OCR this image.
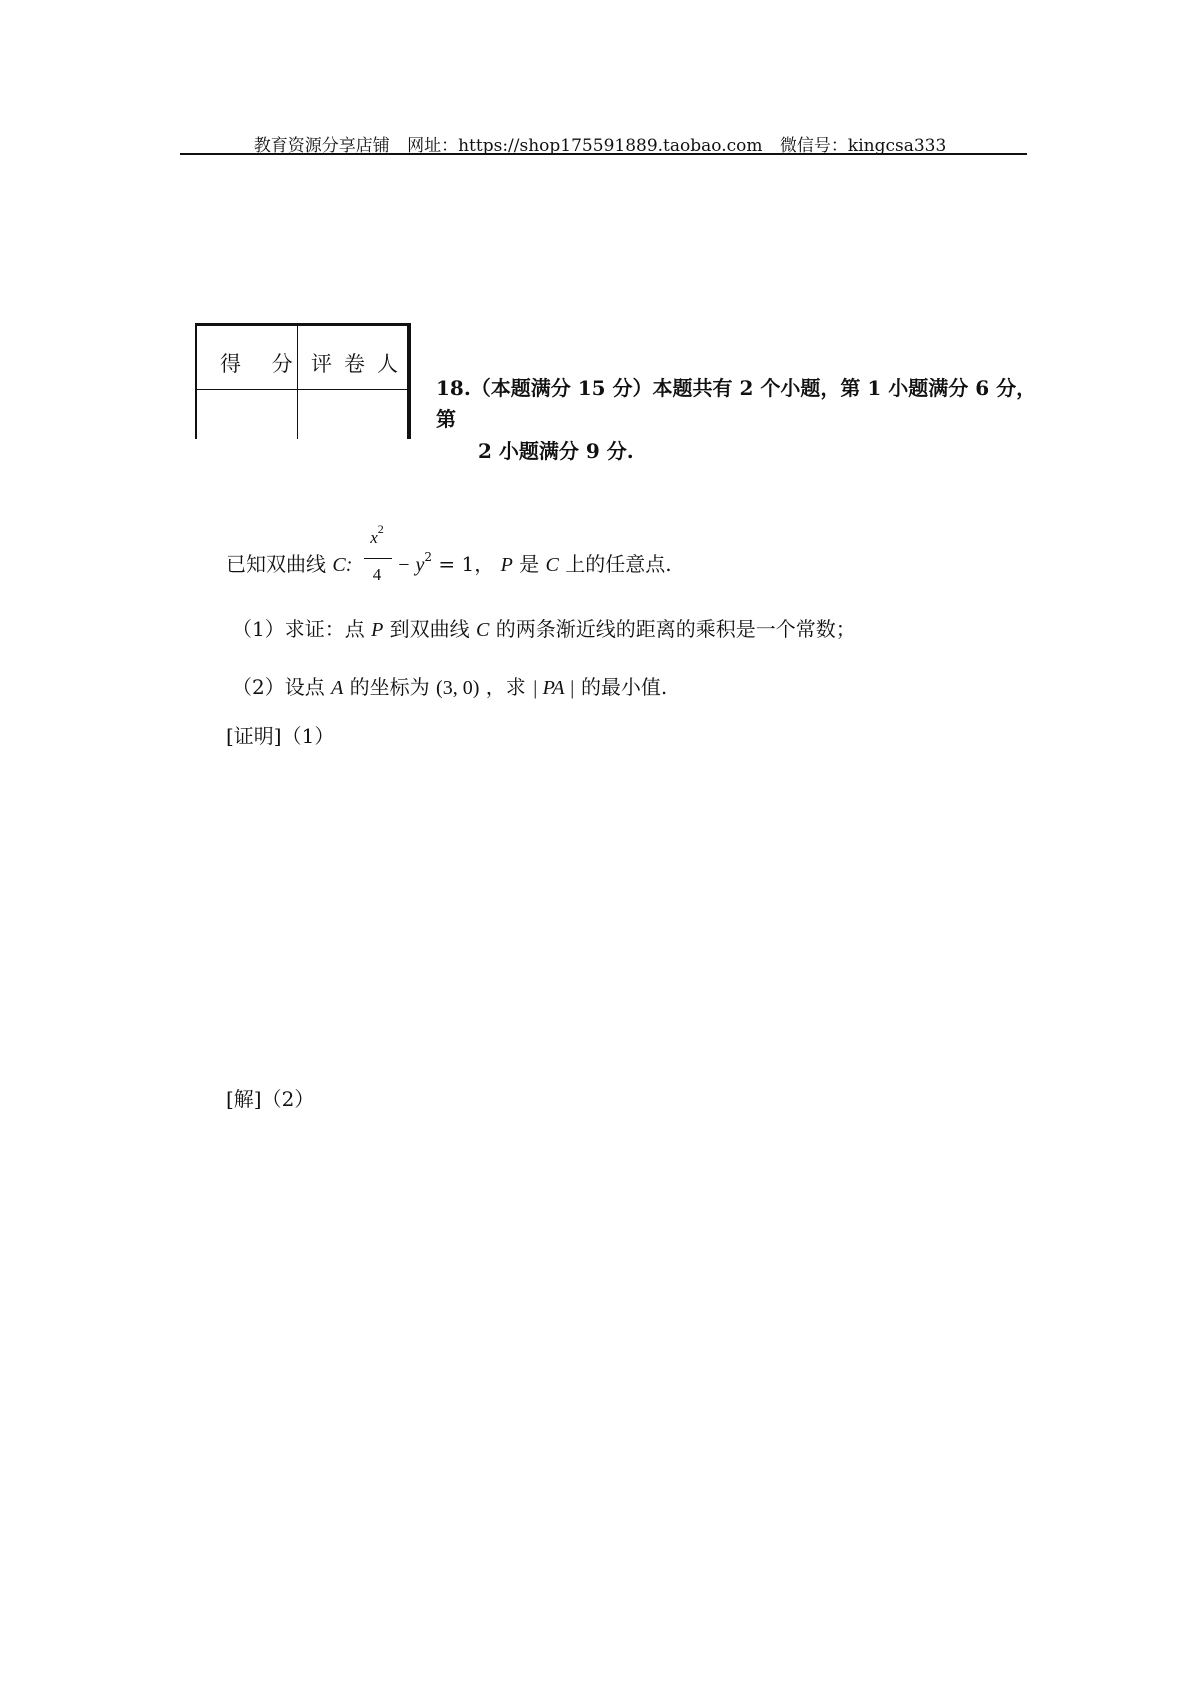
教育资源分享店铺 网址：https://shop175591889.taobao.com 微信号：kingcsa333
得 分 评卷人
18.（本题满分 15 分）本题共有 2 个小题，第 1 小题满分 6 分，
第
2 小题满分 9 分.
已知双曲线 C:
$x^2$
$4 - y^2 = 1$， P 是 C 上的任意点.
（1）求证：点 P 到双曲线 C 的两条渐近线的距离的乘积是一个常数；
（2）设点 A 的坐标为 (3, 0) ，求 | PA | 的最小值.
[证明]（1）
[解]（2）
